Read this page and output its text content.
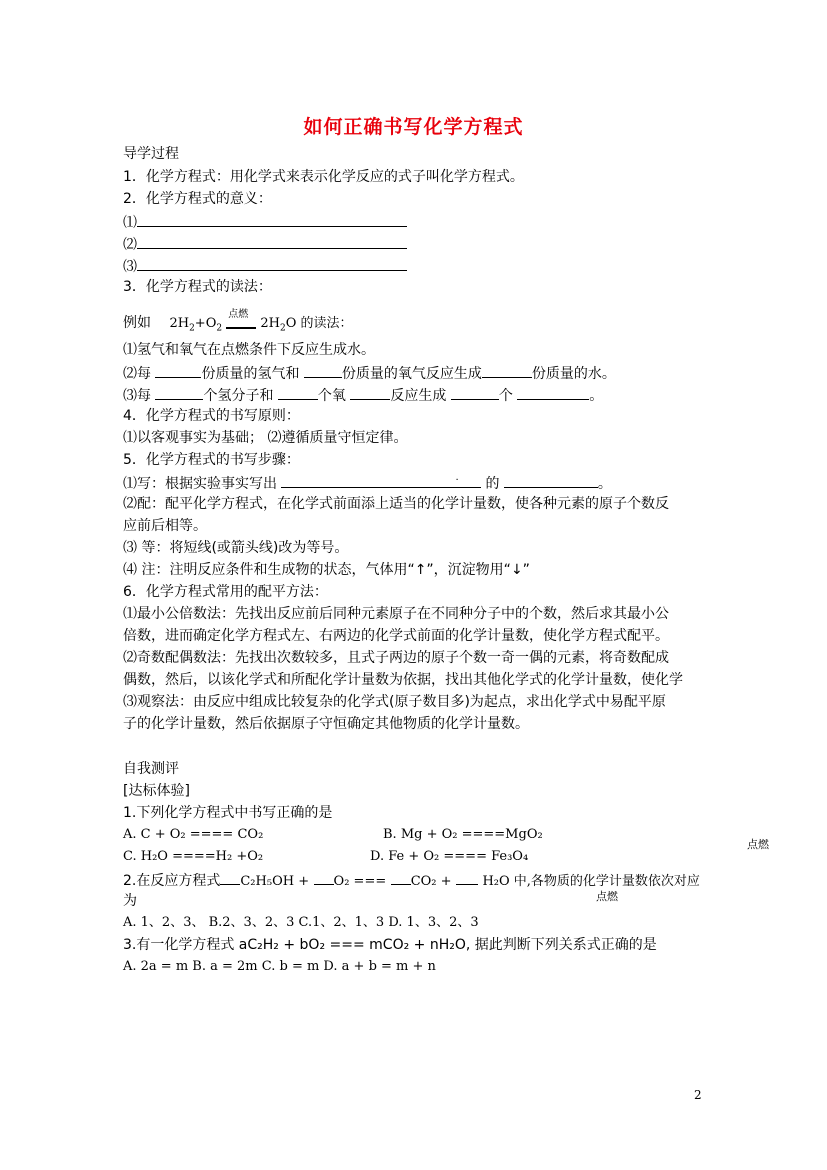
如何正确书写化学方程式
导学过程
1．化学方程式：用化学式来表示化学反应的式子叫化学方程式。
2．化学方程式的意义：
⑴
⑵
⑶
3．化学方程式的读法：
例如 $2H_2+O_2$
点燃
$2H_2O$ 的读法：
⑴氢气和氧气在点燃条件下反应生成水。
⑵每	份质量的氢气和	份质量的氧气反应生成	份质量的水。
⑶每	个氢分子和	个氧	反应生成	个	。
4．化学方程式的书写原则：
⑴以客观事实为基础； ⑵遵循质量守恒定律。
5．化学方程式的书写步骤：
⑴写：根据实验事实写出	. 的	。
⑵配：配平化学方程式，在化学式前面添上适当的化学计量数，使各种元素的原子个数反
应前后相等。
⑶ 等：将短线(或箭头线)改为等号。
⑷ 注：注明反应条件和生成物的状态，气体用“↑”，沉淀物用“↓”
6．化学方程式常用的配平方法：
⑴最小公倍数法：先找出反应前后同种元素原子在不同种分子中的个数，然后求其最小公
倍数，进而确定化学方程式左、右两边的化学式前面的化学计量数，使化学方程式配平。
⑵奇数配偶数法：先找出次数较多，且式子两边的原子个数一奇一偶的元素，将奇数配成
偶数，然后，以该化学式和所配化学计量数为依据，找出其他化学式的化学计量数，使化学
⑶观察法：由反应中组成比较复杂的化学式(原子数目多)为起点，求出化学式中易配平原
子的化学计量数，然后依据原子守恒确定其他物质的化学计量数。
自我测评
[达标体验]
1.下列化学方程式中书写正确的是
A. C + O₂ ==== CO₂	B. Mg + O₂ ====MgO₂
C. H₂O ====H₂ +O₂	D. Fe + O₂ ==== Fe₃O₄
点燃
2.在反应方程式 C₂H₅OH + O₂ === CO₂ + H₂O 中,各物质的化学计量数依次对应
为	点燃
A. 1、2、3、 B.2、3、2、3 C.1、2、1、3 D. 1、3、2、3
3.有一化学方程式 aC₂H₂ + bO₂ === mCO₂ + nH₂O, 据此判断下列关系式正确的是
A. 2a = m B. a = 2m C. b = m D. a + b = m + n
2
